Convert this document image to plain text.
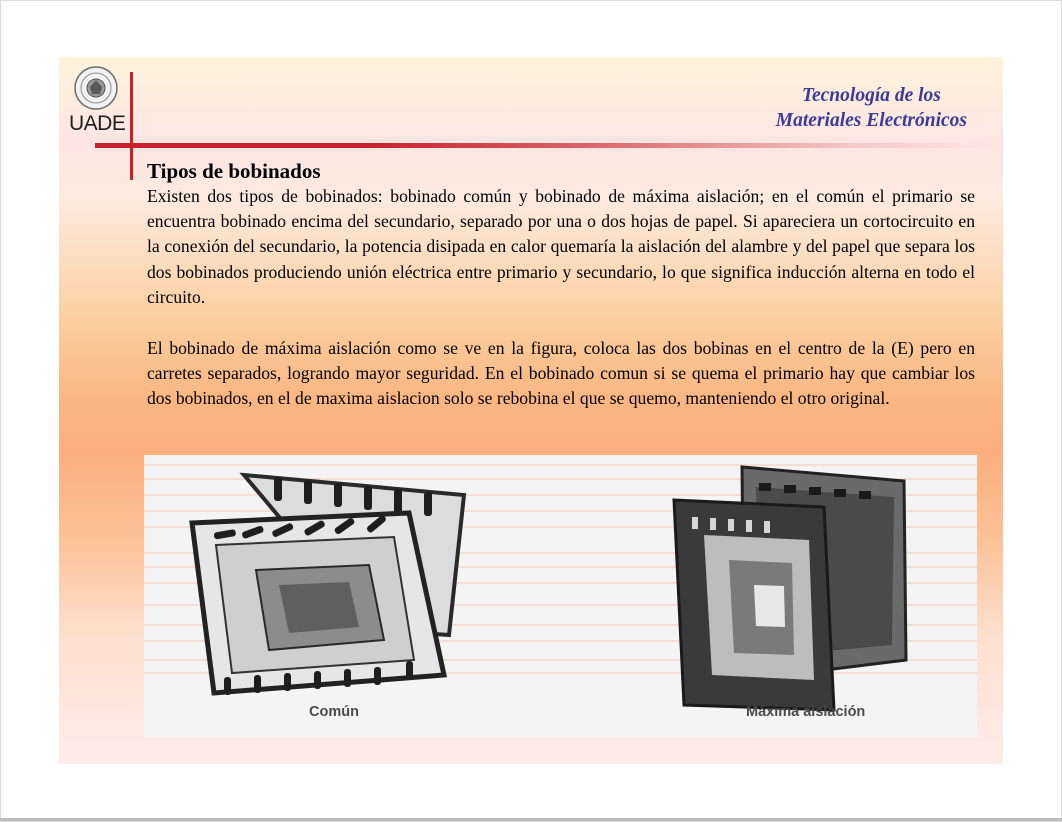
UADE
Tecnología de los
Materiales Electrónicos
Tipos de bobinados

Existen dos tipos de bobinados: bobinado común y bobinado de máxima aislación; en el común el primario se encuentra bobinado encima del secundario, separado por una o dos hojas de papel. Si apareciera un cortocircuito en la conexión del secundario, la potencia disipada en calor quemaría la aislación del alambre y del papel que separa los dos bobinados produciendo unión eléctrica entre primario y secundario, lo que significa inducción alterna en todo el circuito.

El bobinado de máxima aislación como se ve en la figura, coloca las dos bobinas en el centro de la (E) pero en carretes separados, logrando mayor seguridad. En el bobinado comun si se quema el primario hay que cambiar los dos bobinados, en el de maxima aislacion solo se rebobina el que se quemo, manteniendo el otro original.

Común	Máxima aislación
